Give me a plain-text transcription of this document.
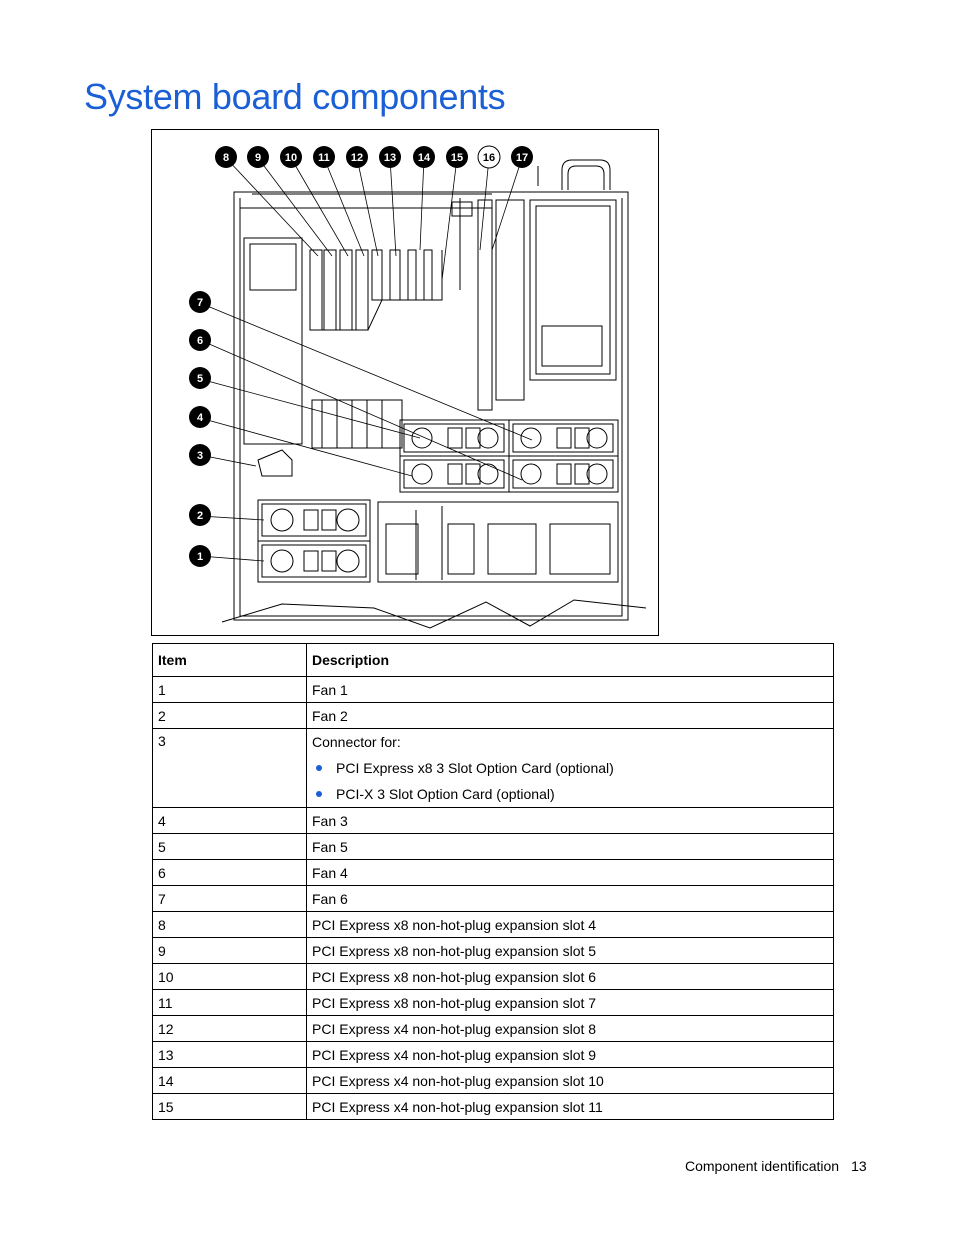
System board components
8 9 10 11 12 13 14 15 16 17
7
6
5
4
3
2
1
Item	Description
1	Fan 1
2	Fan 2
3	Connector for:
PCI Express x8 3 Slot Option Card (optional)
PCI-X 3 Slot Option Card (optional)

4	Fan 3
5	Fan 5
6	Fan 4
7	Fan 6
8	PCI Express x8 non-hot-plug expansion slot 4
9	PCI Express x8 non-hot-plug expansion slot 5
10	PCI Express x8 non-hot-plug expansion slot 6
11	PCI Express x8 non-hot-plug expansion slot 7
12	PCI Express x4 non-hot-plug expansion slot 8
13	PCI Express x4 non-hot-plug expansion slot 9
14	PCI Express x4 non-hot-plug expansion slot 10
15	PCI Express x4 non-hot-plug expansion slot 11
Component identification 13
